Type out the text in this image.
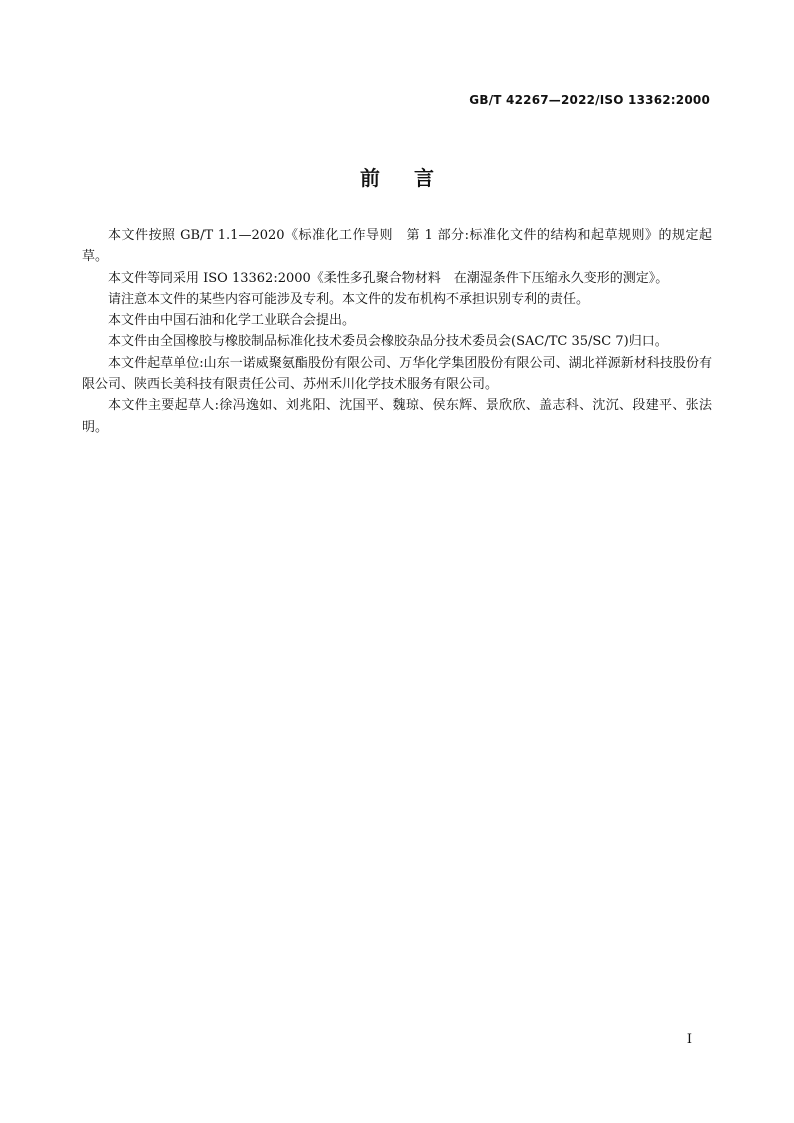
GB/T 42267—2022/ISO 13362:2000
前言

本文件按照 GB/T 1.1—2020《标准化工作导则　第 1 部分:标准化文件的结构和起草规则》的规定起草。

本文件等同采用 ISO 13362:2000《柔性多孔聚合物材料　在潮湿条件下压缩永久变形的测定》。

请注意本文件的某些内容可能涉及专利。本文件的发布机构不承担识别专利的责任。

本文件由中国石油和化学工业联合会提出。

本文件由全国橡胶与橡胶制品标准化技术委员会橡胶杂品分技术委员会(SAC/TC 35/SC 7)归口。

本文件起草单位:山东一诺威聚氨酯股份有限公司、万华化学集团股份有限公司、湖北祥源新材科技股份有限公司、陕西长美科技有限责任公司、苏州禾川化学技术服务有限公司。

本文件主要起草人:徐冯逸如、刘兆阳、沈国平、魏琼、侯东辉、景欣欣、盖志科、沈沉、段建平、张法明。

I
